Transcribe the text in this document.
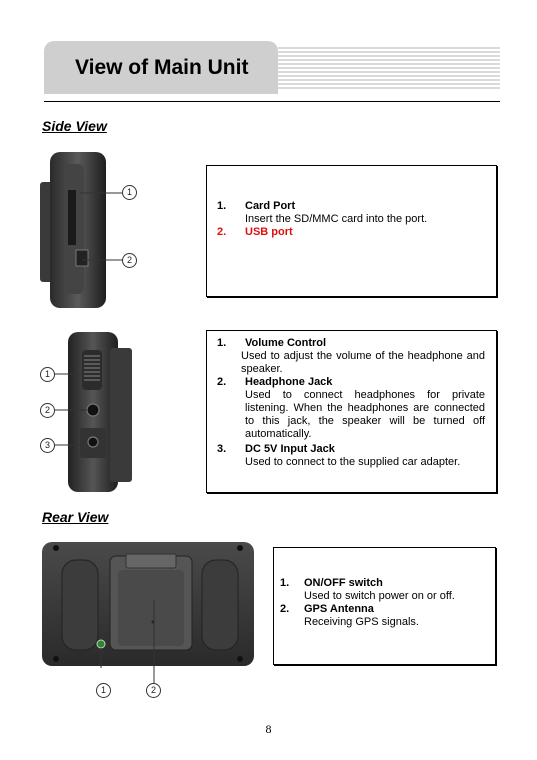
View of Main Unit
Side View
1
2
1. Card Port
Insert the SD/MMC card into the port.
2. USB port
1
2
3
1. Volume Control
Used to adjust the volume of the headphone and speaker.
2. Headphone Jack
Used to connect headphones for private listening. When the headphones are connected to this jack, the speaker will be turned off automatically.
3. DC 5V Input Jack
Used to connect to the supplied car adapter.
Rear View
1	2
1. ON/OFF switch
Used to switch power on or off.
2. GPS Antenna
Receiving GPS signals.
8
